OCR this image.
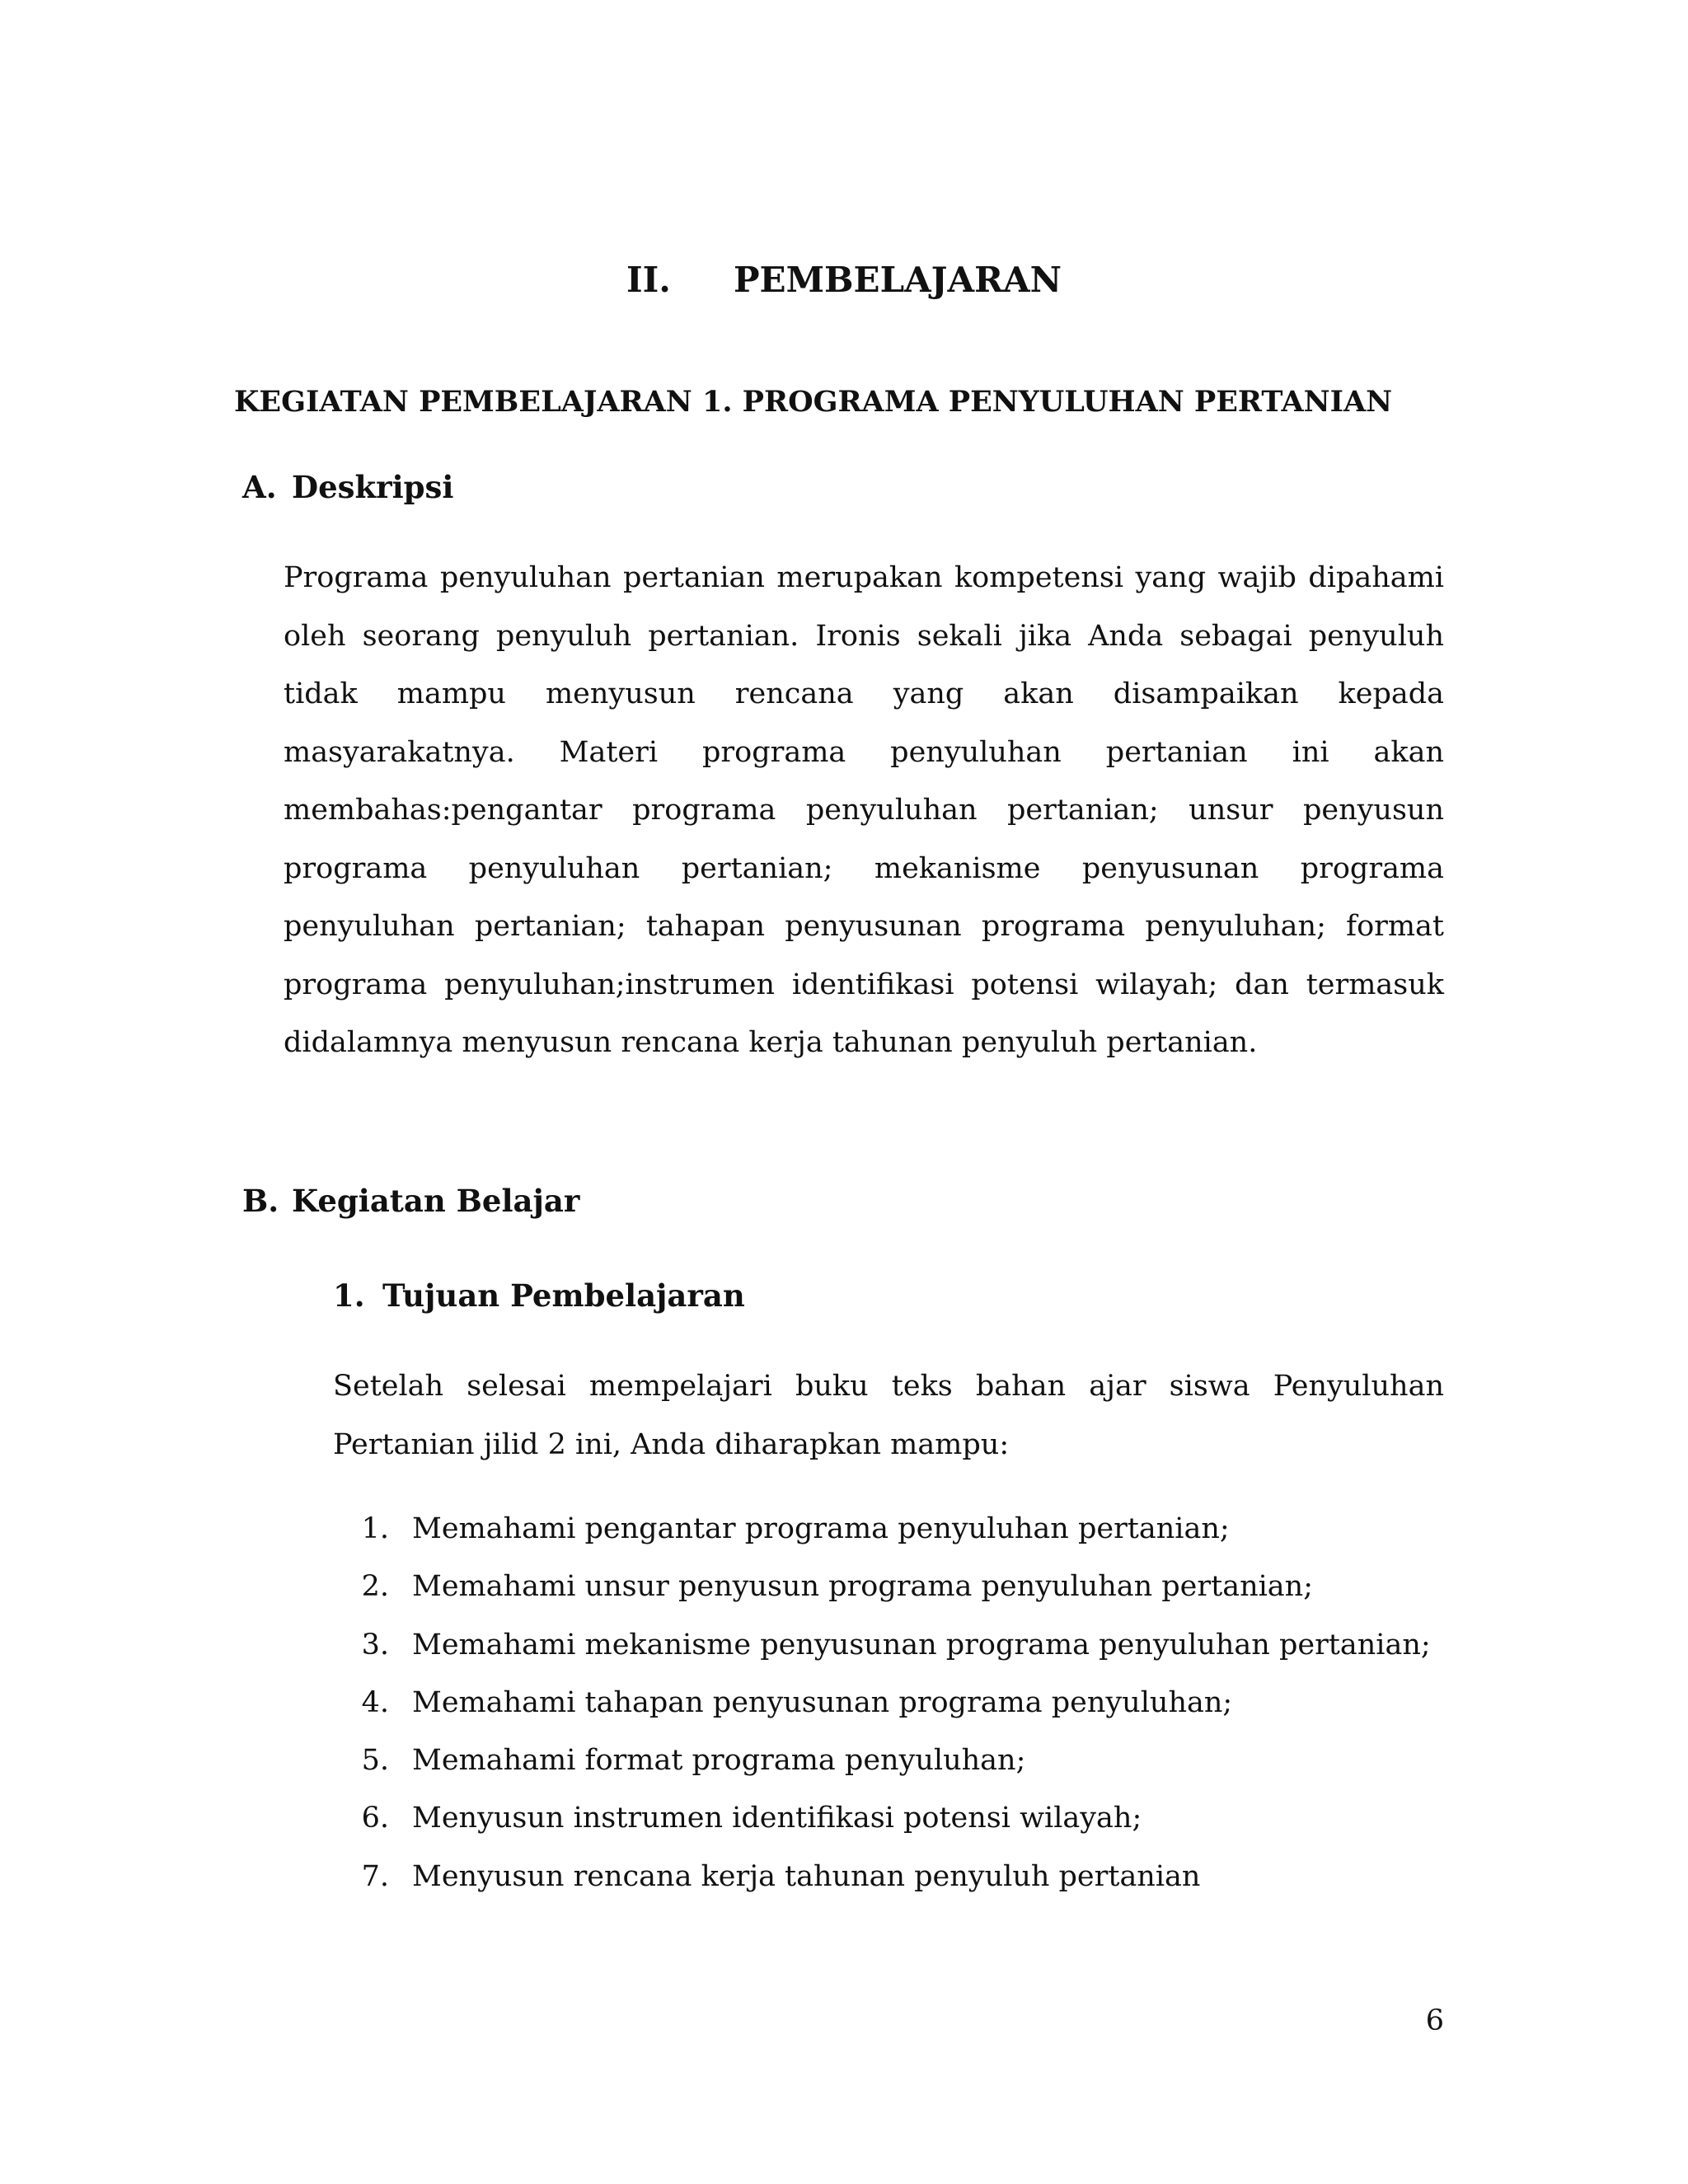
II. PEMBELAJARAN
KEGIATAN PEMBELAJARAN 1. PROGRAMA PENYULUHAN PERTANIAN
A. Deskripsi

Programa penyuluhan pertanian merupakan kompetensi yang wajib dipahami oleh seorang penyuluh pertanian. Ironis sekali jika Anda sebagai penyuluh tidak mampu menyusun rencana yang akan disampaikan kepada masyarakatnya. Materi programa penyuluhan pertanian ini akan membahas:pengantar programa penyuluhan pertanian; unsur penyusun programa penyuluhan pertanian; mekanisme penyusunan programa penyuluhan pertanian; tahapan penyusunan programa penyuluhan; format programa penyuluhan;instrumen identifikasi potensi wilayah; dan termasuk didalamnya menyusun rencana kerja tahunan penyuluh pertanian.

B. Kegiatan Belajar
1. Tujuan Pembelajaran

Setelah selesai mempelajari buku teks bahan ajar siswa Penyuluhan Pertanian jilid 2 ini, Anda diharapkan mampu:

1. Memahami pengantar programa penyuluhan pertanian;
2. Memahami unsur penyusun programa penyuluhan pertanian;
3. Memahami mekanisme penyusunan programa penyuluhan pertanian;
4. Memahami tahapan penyusunan programa penyuluhan;
5. Memahami format programa penyuluhan;
6. Menyusun instrumen identifikasi potensi wilayah;
7. Menyusun rencana kerja tahunan penyuluh pertanian
6
